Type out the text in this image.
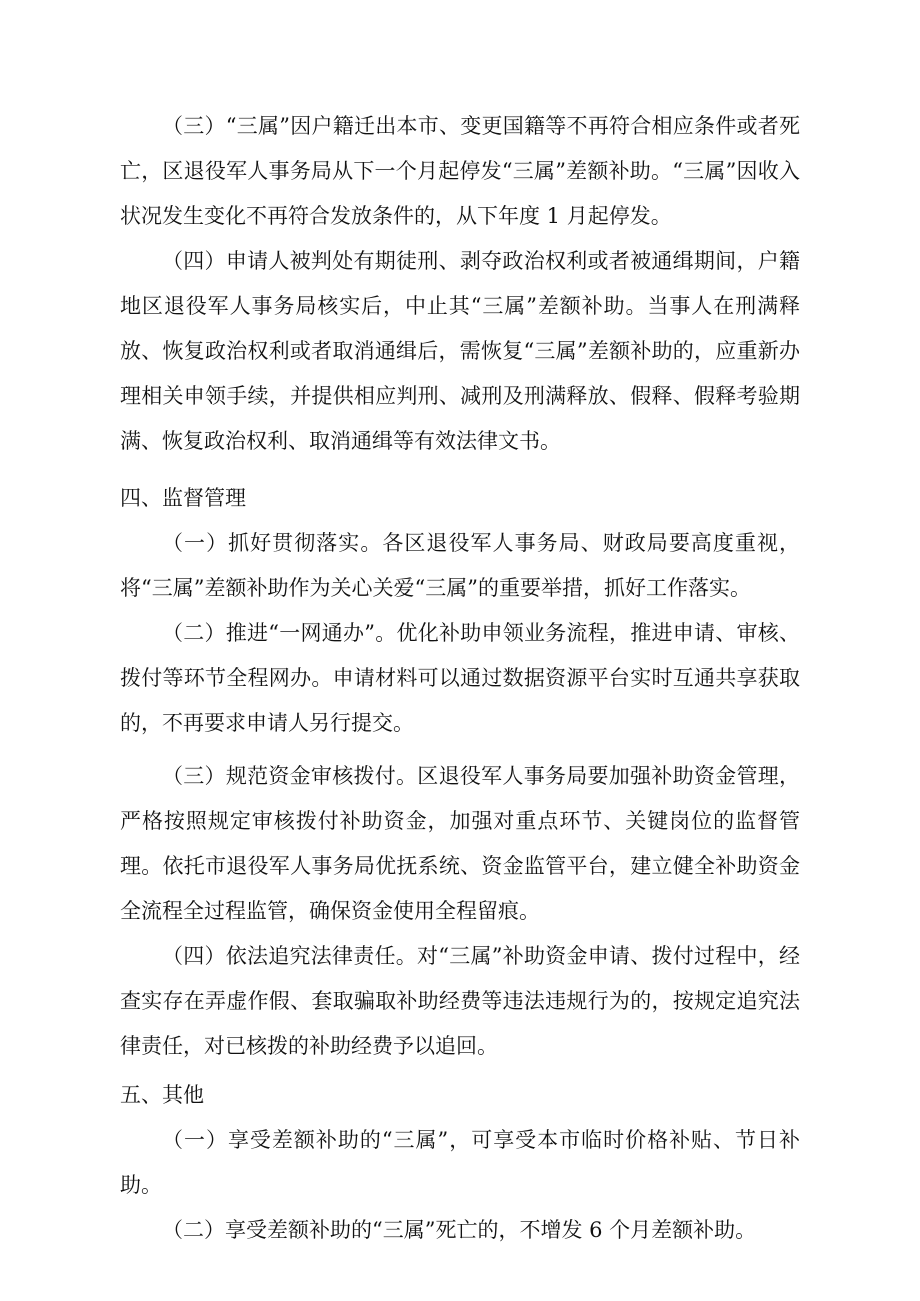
（三）“三属”因户籍迁出本市、变更国籍等不再符合相应条件或者死亡，区退役军人事务局从下一个月起停发“三属”差额补助。“三属”因收入状况发生变化不再符合发放条件的，从下年度 1 月起停发。

（四）申请人被判处有期徒刑、剥夺政治权利或者被通缉期间，户籍地区退役军人事务局核实后，中止其“三属”差额补助。当事人在刑满释放、恢复政治权利或者取消通缉后，需恢复“三属”差额补助的，应重新办理相关申领手续，并提供相应判刑、减刑及刑满释放、假释、假释考验期满、恢复政治权利、取消通缉等有效法律文书。

四、监督管理

（一）抓好贯彻落实。各区退役军人事务局、财政局要高度重视，将“三属”差额补助作为关心关爱“三属”的重要举措，抓好工作落实。

（二）推进“一网通办”。优化补助申领业务流程，推进申请、审核、拨付等环节全程网办。申请材料可以通过数据资源平台实时互通共享获取的，不再要求申请人另行提交。

（三）规范资金审核拨付。区退役军人事务局要加强补助资金管理，严格按照规定审核拨付补助资金，加强对重点环节、关键岗位的监督管理。依托市退役军人事务局优抚系统、资金监管平台，建立健全补助资金全流程全过程监管，确保资金使用全程留痕。

（四）依法追究法律责任。对“三属”补助资金申请、拨付过程中，经查实存在弄虚作假、套取骗取补助经费等违法违规行为的，按规定追究法律责任，对已核拨的补助经费予以追回。

五、其他

（一）享受差额补助的“三属”，可享受本市临时价格补贴、节日补助。

（二）享受差额补助的“三属”死亡的，不增发 6 个月差额补助。
